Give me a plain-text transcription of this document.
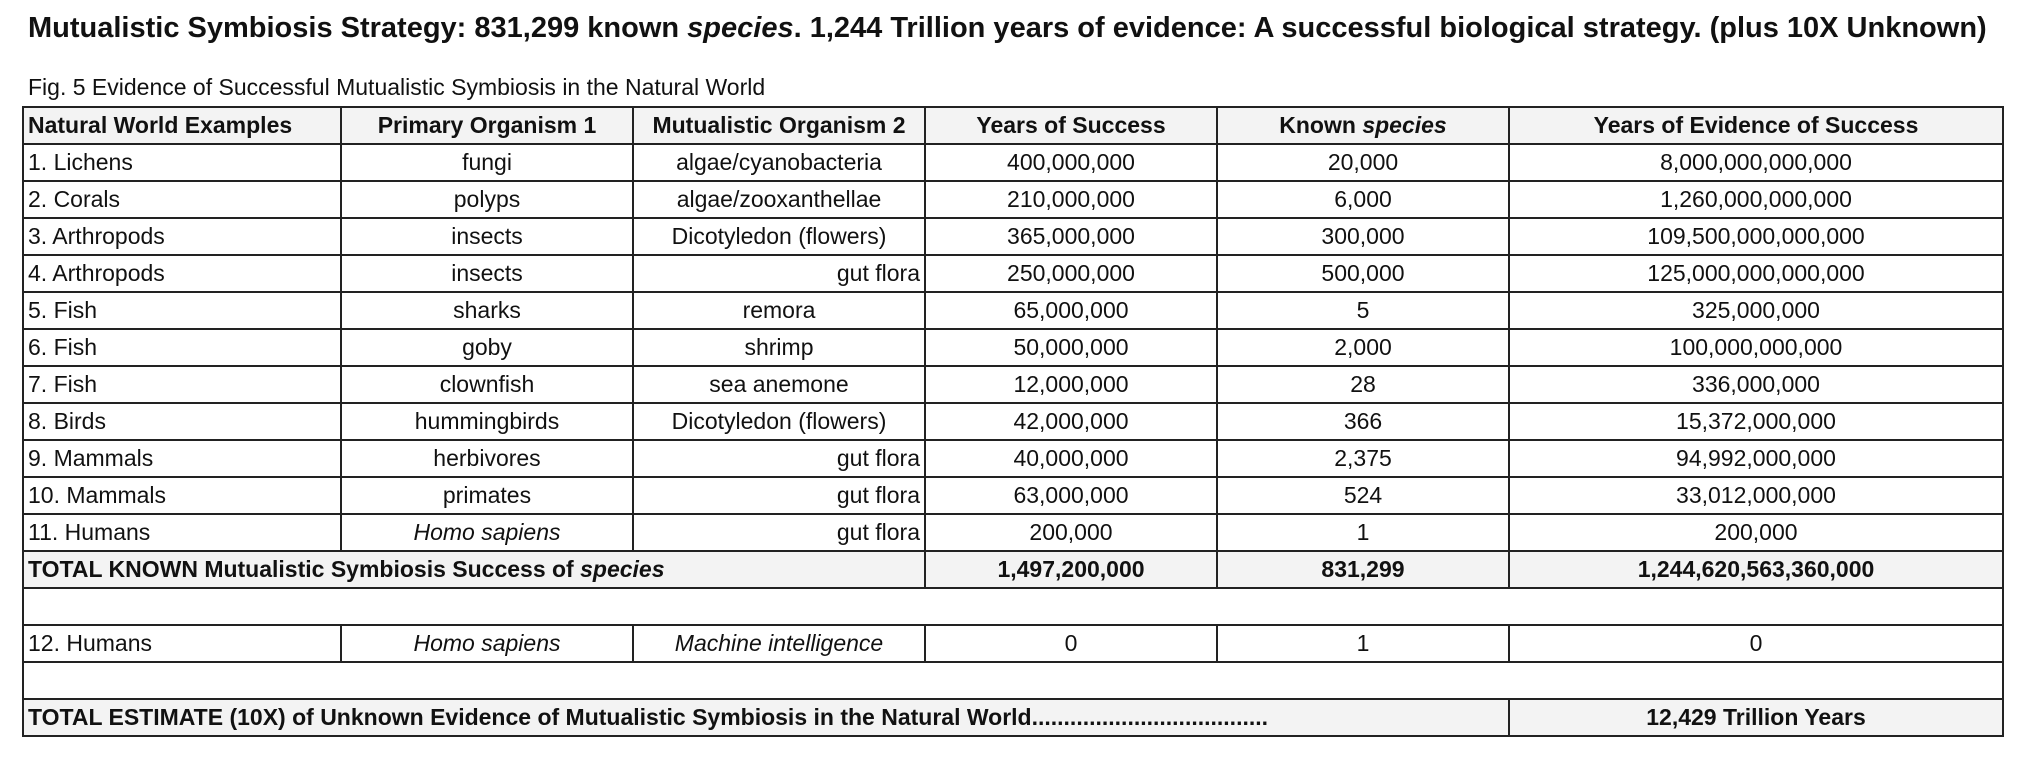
Mutualistic Symbiosis Strategy: 831,299 known species. 1,244 Trillion years of evidence: A successful biological strategy. (plus 10X Unknown)
Fig. 5 Evidence of Successful Mutualistic Symbiosis in the Natural World
Natural World Examples	Primary Organism 1	Mutualistic Organism 2	Years of Success	Known species	Years of Evidence of Success
1. Lichens	fungi	algae/cyanobacteria	400,000,000	20,000	8,000,000,000,000
2. Corals	polyps	algae/zooxanthellae	210,000,000	6,000	1,260,000,000,000
3. Arthropods	insects	Dicotyledon (flowers)	365,000,000	300,000	109,500,000,000,000
4. Arthropods	insects	gut flora	250,000,000	500,000	125,000,000,000,000
5. Fish	sharks	remora	65,000,000	5	325,000,000
6. Fish	goby	shrimp	50,000,000	2,000	100,000,000,000
7. Fish	clownfish	sea anemone	12,000,000	28	336,000,000
8. Birds	hummingbirds	Dicotyledon (flowers)	42,000,000	366	15,372,000,000
9. Mammals	herbivores	gut flora	40,000,000	2,375	94,992,000,000
10. Mammals	primates	gut flora	63,000,000	524	33,012,000,000
11. Humans	Homo sapiens	gut flora	200,000	1	200,000
TOTAL KNOWN Mutualistic Symbiosis Success of species			1,497,200,000	831,299	1,244,620,563,360,000

12. Humans	Homo sapiens	Machine intelligence	0	1	0

TOTAL ESTIMATE (10X) of Unknown Evidence of Mutualistic Symbiosis in the Natural World.....................................					12,429 Trillion Years
